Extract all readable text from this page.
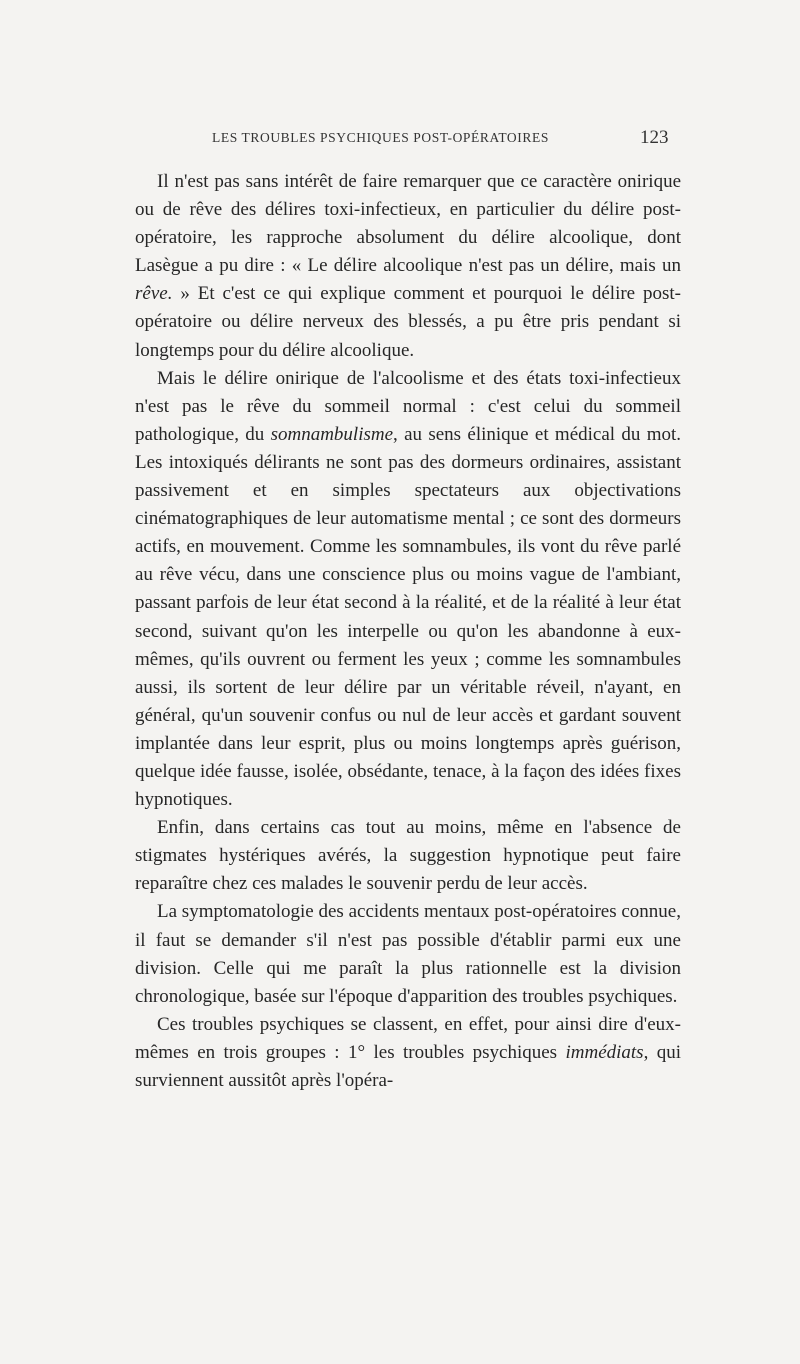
LES TROUBLES PSYCHIQUES POST-OPÉRATOIRES	123

Il n'est pas sans intérêt de faire remarquer que ce caractère onirique ou de rêve des délires toxi-infectieux, en particulier du délire post-opératoire, les rapproche absolument du délire alcoolique, dont Lasègue a pu dire : « Le délire alcoolique n'est pas un délire, mais un rêve. » Et c'est ce qui explique comment et pourquoi le délire post-opératoire ou délire nerveux des blessés, a pu être pris pendant si longtemps pour du délire alcoolique.

Mais le délire onirique de l'alcoolisme et des états toxi-infectieux n'est pas le rêve du sommeil normal : c'est celui du sommeil pathologique, du somnambulisme, au sens élinique et médical du mot. Les intoxiqués délirants ne sont pas des dormeurs ordinaires, assistant passivement et en simples spectateurs aux objectivations cinématographiques de leur automatisme mental ; ce sont des dormeurs actifs, en mouvement. Comme les somnambules, ils vont du rêve parlé au rêve vécu, dans une conscience plus ou moins vague de l'ambiant, passant parfois de leur état second à la réalité, et de la réalité à leur état second, suivant qu'on les interpelle ou qu'on les abandonne à eux-mêmes, qu'ils ouvrent ou ferment les yeux ; comme les somnambules aussi, ils sortent de leur délire par un véritable réveil, n'ayant, en général, qu'un souvenir confus ou nul de leur accès et gardant souvent implantée dans leur esprit, plus ou moins longtemps après guérison, quelque idée fausse, isolée, obsédante, tenace, à la façon des idées fixes hypnotiques.

Enfin, dans certains cas tout au moins, même en l'absence de stigmates hystériques avérés, la suggestion hypnotique peut faire reparaître chez ces malades le souvenir perdu de leur accès.

La symptomatologie des accidents mentaux post-opératoires connue, il faut se demander s'il n'est pas possible d'établir parmi eux une division. Celle qui me paraît la plus rationnelle est la division chronologique, basée sur l'époque d'apparition des troubles psychiques.

Ces troubles psychiques se classent, en effet, pour ainsi dire d'eux-mêmes en trois groupes : 1° les troubles psychiques immédiats, qui surviennent aussitôt après l'opéra-
